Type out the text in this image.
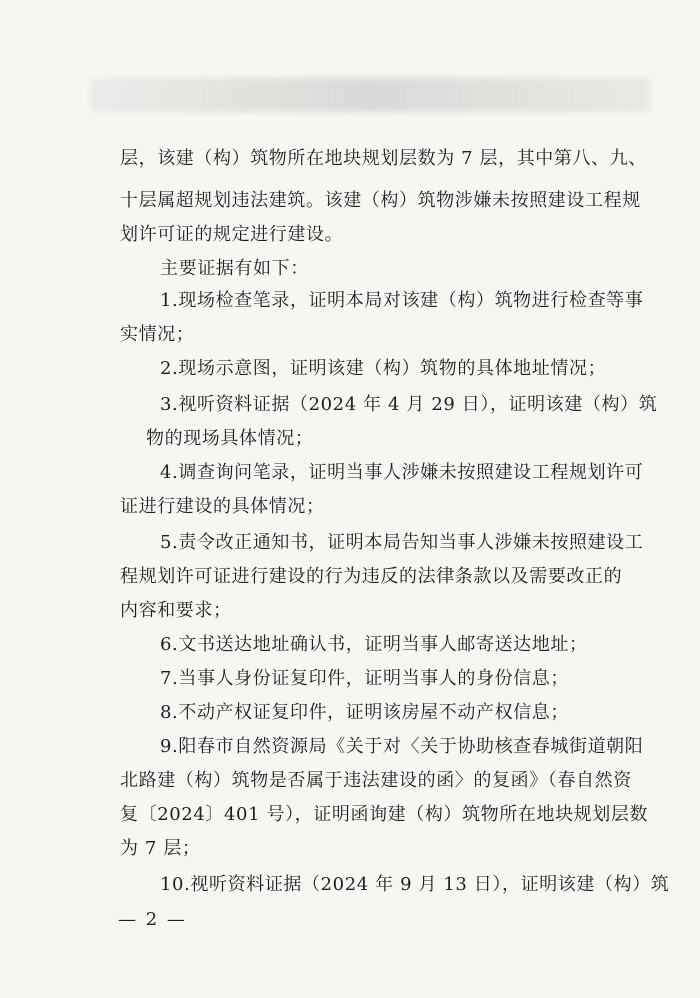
层，该建（构）筑物所在地块规划层数为 7 层，其中第八、九、
十层属超规划违法建筑。该建（构）筑物涉嫌未按照建设工程规
划许可证的规定进行建设。
主要证据有如下：
1.现场检查笔录，证明本局对该建（构）筑物进行检查等事
实情况；
2.现场示意图，证明该建（构）筑物的具体地址情况；
3.视听资料证据（2024 年 4 月 29 日），证明该建（构）筑
物的现场具体情况；
4.调查询问笔录，证明当事人涉嫌未按照建设工程规划许可
证进行建设的具体情况；
5.责令改正通知书，证明本局告知当事人涉嫌未按照建设工
程规划许可证进行建设的行为违反的法律条款以及需要改正的
内容和要求；
6.文书送达地址确认书，证明当事人邮寄送达地址；
7.当事人身份证复印件，证明当事人的身份信息；
8.不动产权证复印件，证明该房屋不动产权信息；
9.阳春市自然资源局《关于对〈关于协助核查春城街道朝阳
北路建（构）筑物是否属于违法建设的函〉的复函》（春自然资
复〔2024〕401 号），证明函询建（构）筑物所在地块规划层数
为 7 层；
10.视听资料证据（2024 年 9 月 13 日），证明该建（构）筑
— 2 —
